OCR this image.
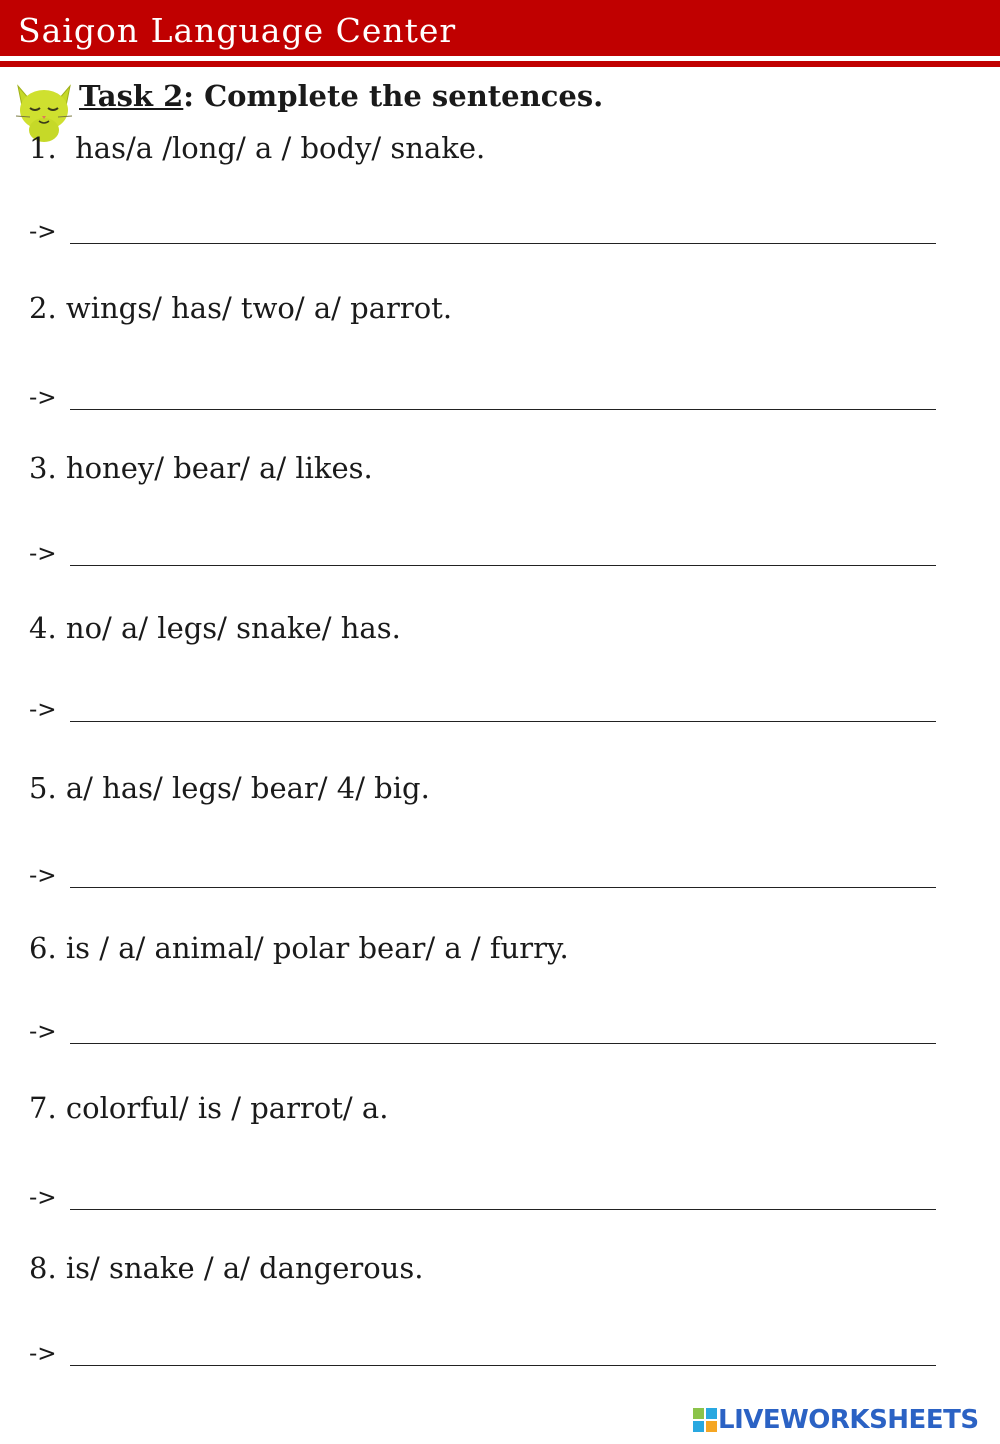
Saigon Language Center
Task 2: Complete the sentences.
1.  has/a /long/ a / body/ snake.
->
2. wings/ has/ two/ a/ parrot.
->
3. honey/ bear/ a/ likes.
->
4. no/ a/ legs/ snake/ has.
->
5. a/ has/ legs/ bear/ 4/ big.
->
6. is / a/ animal/ polar bear/ a / furry.
->
7. colorful/ is / parrot/ a.
->
8. is/ snake / a/ dangerous.
->
LIVEWORKSHEETS
